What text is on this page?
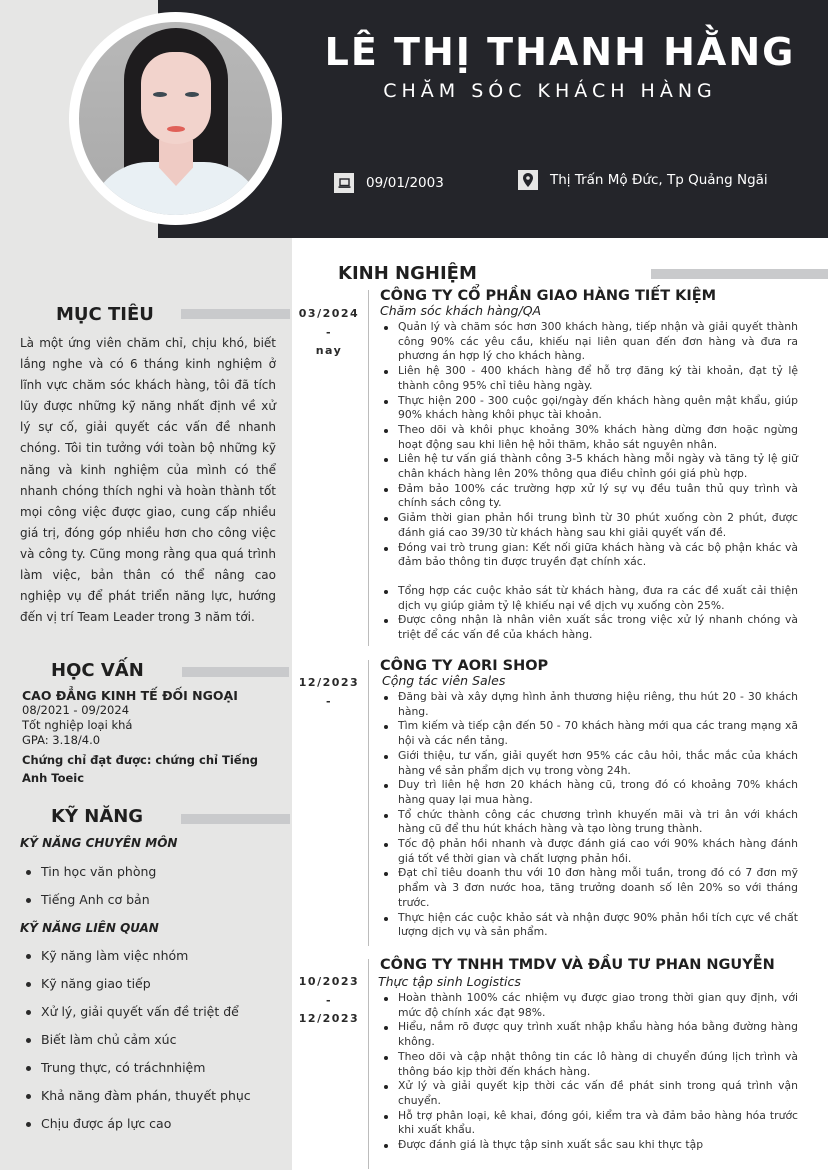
LÊ THỊ THANH HẰNG
CHĂM SÓC KHÁCH HÀNG
09/01/2003	Thị Trấn Mộ Đức, Tp Quảng Ngãi
MỤC TIÊU
Là một ứng viên chăm chỉ, chịu khó, biết lắng nghe và có 6 tháng kinh nghiệm ở lĩnh vực chăm sóc khách hàng, tôi đã tích lũy được những kỹ năng nhất định về xử lý sự cố, giải quyết các vấn đề nhanh chóng. Tôi tin tưởng với toàn bộ những kỹ năng và kinh nghiệm của mình có thể nhanh chóng thích nghi và hoàn thành tốt mọi công việc được giao, cung cấp nhiều giá trị, đóng góp nhiều hơn cho công việc và công ty. Cũng mong rằng qua quá trình làm việc, bản thân có thể nâng cao nghiệp vụ để phát triển năng lực, hướng đến vị trí Team Leader trong 3 năm tới.
HỌC VẤN
CAO ĐẲNG KINH TẾ ĐỐI NGOẠI
08/2021 - 09/2024
Tốt nghiệp loại khá
GPA: 3.18/4.0
Chứng chỉ đạt được: chứng chỉ Tiếng Anh Toeic
KỸ NĂNG
KỸ NĂNG CHUYÊN MÔN
Tin học văn phòng
Tiếng Anh cơ bản
KỸ NĂNG LIÊN QUAN
Kỹ năng làm việc nhóm
Kỹ năng giao tiếp
Xử lý, giải quyết vấn đề triệt để
Biết làm chủ cảm xúc
Trung thực, có tráchnhiệm
Khả năng đàm phán, thuyết phục
Chịu được áp lực cao
KINH NGHIỆM
03/2024
-
nay
CÔNG TY CỔ PHẦN GIAO HÀNG TIẾT KIỆM
Chăm sóc khách hàng/QA
Quản lý và chăm sóc hơn 300 khách hàng, tiếp nhận và giải quyết thành công 90% các yêu cầu, khiếu nại liên quan đến đơn hàng và đưa ra phương án hợp lý cho khách hàng.
Liên hệ 300 - 400 khách hàng để hỗ trợ đăng ký tài khoản, đạt tỷ lệ thành công 95% chỉ tiêu hàng ngày.
Thực hiện 200 - 300 cuộc gọi/ngày đến khách hàng quên mật khẩu, giúp 90% khách hàng khôi phục tài khoản.
Theo dõi và khôi phục khoảng 30% khách hàng dừng đơn hoặc ngừng hoạt động sau khi liên hệ hỏi thăm, khảo sát nguyên nhân.
Liên hệ tư vấn giá thành công 3-5 khách hàng mỗi ngày và tăng tỷ lệ giữ chân khách hàng lên 20% thông qua điều chỉnh gói giá phù hợp.
Đảm bảo 100% các trường hợp xử lý sự vụ đều tuân thủ quy trình và chính sách công ty.
Giảm thời gian phản hồi trung bình từ 30 phút xuống còn 2 phút, được đánh giá cao 39/30 từ khách hàng sau khi giải quyết vấn đề.
Đóng vai trò trung gian: Kết nối giữa khách hàng và các bộ phận khác và đảm bảo thông tin được truyền đạt chính xác.
Tổng hợp các cuộc khảo sát từ khách hàng, đưa ra các đề xuất cải thiện dịch vụ giúp giảm tỷ lệ khiếu nại về dịch vụ xuống còn 25%.
Được công nhận là nhân viên xuất sắc trong việc xử lý nhanh chóng và triệt để các vấn đề của khách hàng.
12/2023
-
CÔNG TY AORI SHOP
Cộng tác viên Sales
Đăng bài và xây dựng hình ảnh thương hiệu riêng, thu hút 20 - 30 khách hàng.
Tìm kiếm và tiếp cận đến 50 - 70 khách hàng mới qua các trang mạng xã hội và các nền tảng.
Giới thiệu, tư vấn, giải quyết hơn 95% các câu hỏi, thắc mắc của khách hàng về sản phẩm dịch vụ trong vòng 24h.
Duy trì liên hệ hơn 20 khách hàng cũ, trong đó có khoảng 70% khách hàng quay lại mua hàng.
Tổ chức thành công các chương trình khuyến mãi và tri ân với khách hàng cũ để thu hút khách hàng và tạo lòng trung thành.
Tốc độ phản hồi nhanh và được đánh giá cao với 90% khách hàng đánh giá tốt về thời gian và chất lượng phản hồi.
Đạt chỉ tiêu doanh thu với 10 đơn hàng mỗi tuần, trong đó có 7 đơn mỹ phẩm và 3 đơn nước hoa, tăng trưởng doanh số lên 20% so với tháng trước.
Thực hiện các cuộc khảo sát và nhận được 90% phản hồi tích cực về chất lượng dịch vụ và sản phẩm.
10/2023
-
12/2023
CÔNG TY TNHH TMDV VÀ ĐẦU TƯ PHAN NGUYỄN
Thực tập sinh Logistics
Hoàn thành 100% các nhiệm vụ được giao trong thời gian quy định, với mức độ chính xác đạt 98%.
Hiểu, nắm rõ được quy trình xuất nhập khẩu hàng hóa bằng đường hàng không.
Theo dõi và cập nhật thông tin các lô hàng di chuyển đúng lịch trình và thông báo kịp thời đến khách hàng.
Xử lý và giải quyết kịp thời các vấn đề phát sinh trong quá trình vận chuyển.
Hỗ trợ phân loại, kê khai, đóng gói, kiểm tra và đảm bảo hàng hóa trước khi xuất khẩu.
Được đánh giá là thực tập sinh xuất sắc sau khi thực tập
